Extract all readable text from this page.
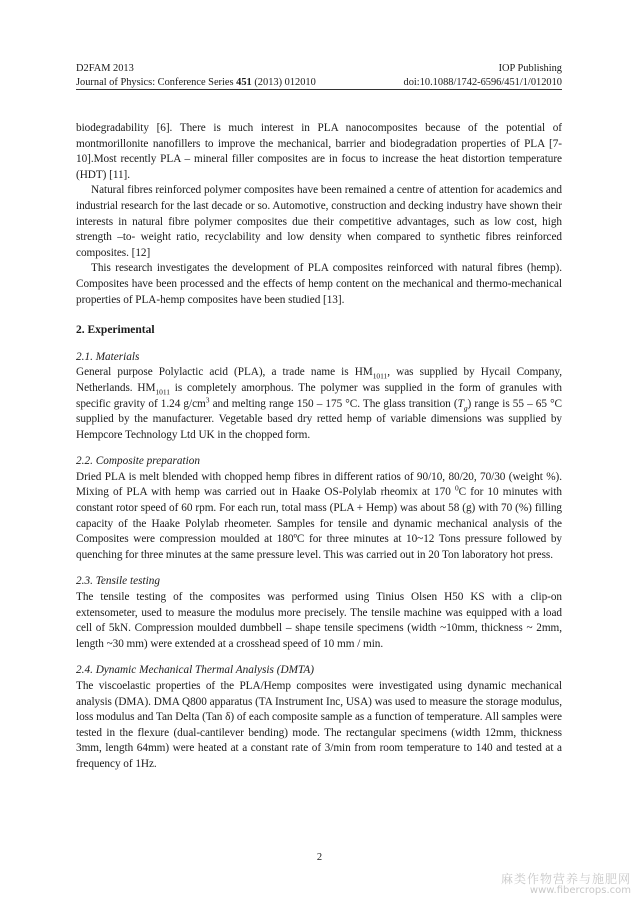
D2FAM 2013	IOP Publishing
Journal of Physics: Conference Series 451 (2013) 012010	doi:10.1088/1742-6596/451/1/012010

biodegradability [6]. There is much interest in PLA nanocomposites because of the potential of montmorillonite nanofillers to improve the mechanical, barrier and biodegradation properties of PLA [7-10].Most recently PLA – mineral filler composites are in focus to increase the heat distortion temperature (HDT) [11].

Natural fibres reinforced polymer composites have been remained a centre of attention for academics and industrial research for the last decade or so. Automotive, construction and decking industry have shown their interests in natural fibre polymer composites due their competitive advantages, such as low cost, high strength –to- weight ratio, recyclability and low density when compared to synthetic fibres reinforced composites. [12]

This research investigates the development of PLA composites reinforced with natural fibres (hemp). Composites have been processed and the effects of hemp content on the mechanical and thermo-mechanical properties of PLA-hemp composites have been studied [13].

2. Experimental
2.1. Materials

General purpose Polylactic acid (PLA), a trade name is $HM_{1011}$, was supplied by Hycail Company, Netherlands. $HM_{1011}$ is completely amorphous. The polymer was supplied in the form of granules with specific gravity of 1.24 $g/cm^3$ and melting range 150 – 175 °C. The glass transition $(T_g)$ range is 55 – 65 °C supplied by the manufacturer. Vegetable based dry retted hemp of variable dimensions was supplied by Hempcore Technology Ltd UK in the chopped form.

2.2. Composite preparation

Dried PLA is melt blended with chopped hemp fibres in different ratios of 90/10, 80/20, 70/30 (weight %). Mixing of PLA with hemp was carried out in Haake OS-Polylab rheomix at 170 $^0$C for 10 minutes with constant rotor speed of 60 rpm. For each run, total mass (PLA + Hemp) was about 58 (g) with 70 (%) filling capacity of the Haake Polylab rheometer. Samples for tensile and dynamic mechanical analysis of the Composites were compression moulded at 180ºC for three minutes at 10~12 Tons pressure followed by quenching for three minutes at the same pressure level. This was carried out in 20 Ton laboratory hot press.

2.3. Tensile testing

The tensile testing of the composites was performed using Tinius Olsen H50 KS with a clip-on extensometer, used to measure the modulus more precisely. The tensile machine was equipped with a load cell of 5kN. Compression moulded dumbbell – shape tensile specimens (width ~10mm, thickness ~ 2mm, length ~30 mm) were extended at a crosshead speed of 10 mm / min.

2.4. Dynamic Mechanical Thermal Analysis (DMTA)

The viscoelastic properties of the PLA/Hemp composites were investigated using dynamic mechanical analysis (DMA). DMA Q800 apparatus (TA Instrument Inc, USA) was used to measure the storage modulus, loss modulus and Tan Delta (Tan δ) of each composite sample as a function of temperature. All samples were tested in the flexure (dual-cantilever bending) mode. The rectangular specimens (width 12mm, thickness 3mm, length 64mm) were heated at a constant rate of 3/min from room temperature to 140 and tested at a frequency of 1Hz.

2
麻类作物营养与施肥网
www.fibercrops.com
